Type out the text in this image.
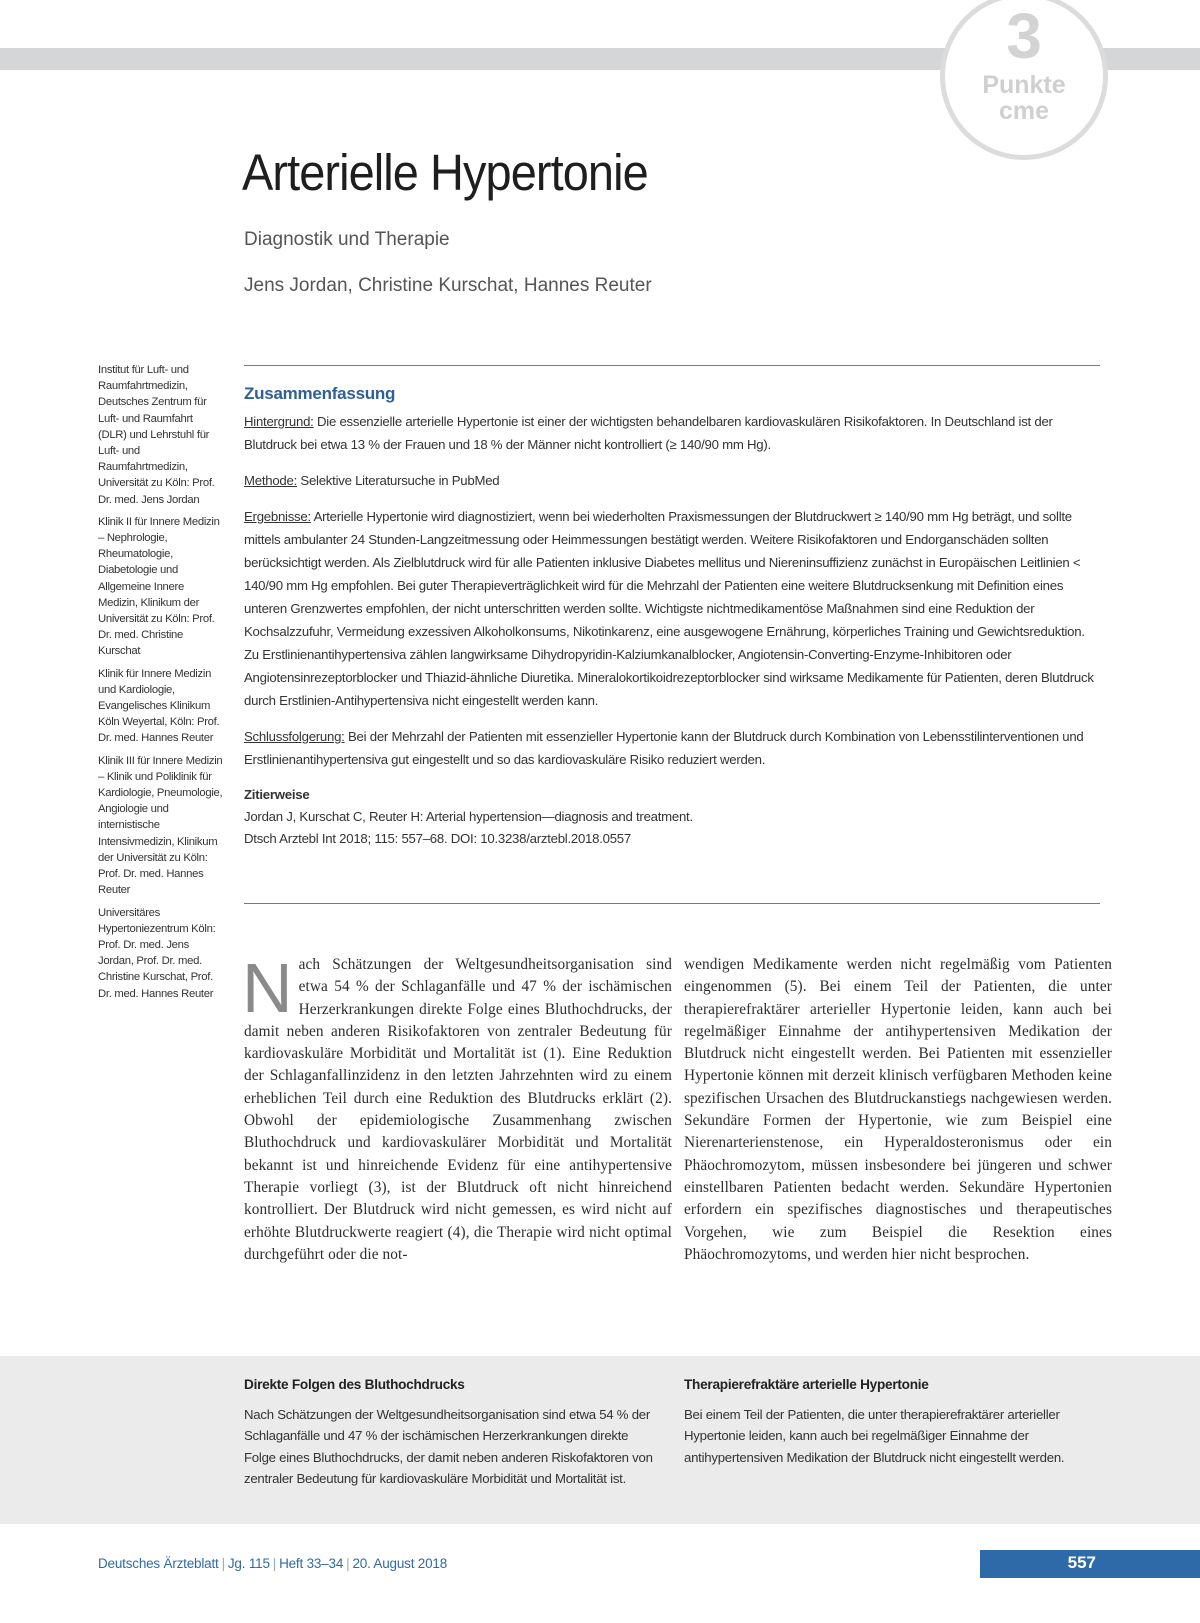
3
Punkte
cme
Arterielle Hypertonie
Diagnostik und Therapie
Jens Jordan, Christine Kurschat, Hannes Reuter

Institut für Luft- und Raumfahrtmedizin, Deutsches Zentrum für Luft- und Raumfahrt (DLR) und Lehrstuhl für Luft- und Raumfahrtmedizin, Universität zu Köln: Prof. Dr. med. Jens Jordan

Klinik II für Innere Medizin – Nephrologie, Rheumatologie, Diabetologie und Allgemeine Innere Medizin, Klinikum der Universität zu Köln: Prof. Dr. med. Christine Kurschat

Klinik für Innere Medizin und Kardiologie, Evangelisches Klinikum Köln Weyertal, Köln: Prof. Dr. med. Hannes Reuter

Klinik III für Innere Medizin – Klinik und Poliklinik für Kardiologie, Pneumologie, Angiologie und internistische Intensivmedizin, Klinikum der Universität zu Köln: Prof. Dr. med. Hannes Reuter

Universitäres Hypertoniezentrum Köln: Prof. Dr. med. Jens Jordan, Prof. Dr. med. Christine Kurschat, Prof. Dr. med. Hannes Reuter

Zusammenfassung

Hintergrund: Die essenzielle arterielle Hypertonie ist einer der wichtigsten behandelbaren kardiovaskulären Risikofaktoren. In Deutschland ist der Blutdruck bei etwa 13 % der Frauen und 18 % der Männer nicht kontrolliert (≥ 140/90 mm Hg).

Methode: Selektive Literatursuche in PubMed

Ergebnisse: Arterielle Hypertonie wird diagnostiziert, wenn bei wiederholten Praxismessungen der Blutdruckwert ≥ 140/90 mm Hg beträgt, und sollte mittels ambulanter 24 Stunden-Langzeitmessung oder Heimmessungen bestätigt werden. Weitere Risikofaktoren und Endorganschäden sollten berücksichtigt werden. Als Zielblutdruck wird für alle Patienten inklusive Diabetes mellitus und Niereninsuffizienz zunächst in Europäischen Leitlinien < 140/90 mm Hg empfohlen. Bei guter Therapieverträglichkeit wird für die Mehrzahl der Patienten eine weitere Blutdrucksenkung mit Definition eines unteren Grenzwertes empfohlen, der nicht unterschritten werden sollte. Wichtigste nichtmedikamentöse Maßnahmen sind eine Reduktion der Kochsalzzufuhr, Vermeidung exzessiven Alkoholkonsums, Nikotinkarenz, eine ausgewogene Ernährung, körperliches Training und Gewichtsreduktion. Zu Erstlinienantihypertensiva zählen langwirksame Dihydropyridin-Kalziumkanalblocker, Angiotensin-Converting-Enzyme-Inhibitoren oder Angiotensinrezeptorblocker und Thiazid-ähnliche Diuretika. Mineralokortikoidrezeptorblocker sind wirksame Medikamente für Patienten, deren Blutdruck durch Erstlinien-Antihypertensiva nicht eingestellt werden kann.

Schlussfolgerung: Bei der Mehrzahl der Patienten mit essenzieller Hypertonie kann der Blutdruck durch Kombination von Lebensstilinterventionen und Erstlinienantihypertensiva gut eingestellt und so das kardiovaskuläre Risiko reduziert werden.

Zitierweise

Jordan J, Kurschat C, Reuter H: Arterial hypertension—diagnosis and treatment.

Dtsch Arztebl Int 2018; 115: 557–68. DOI: 10.3238/arztebl.2018.0557

Nach Schätzungen der Weltgesundheitsorganisation sind etwa 54 % der Schlaganfälle und 47 % der ischämischen Herzerkrankungen direkte Folge eines Bluthochdrucks, der damit neben anderen Risikofaktoren von zentraler Bedeutung für kardiovaskuläre Morbidität und Mortalität ist (1). Eine Reduktion der Schlaganfallinzidenz in den letzten Jahrzehnten wird zu einem erheblichen Teil durch eine Reduktion des Blutdrucks erklärt (2). Obwohl der epidemiologische Zusammenhang zwischen Bluthochdruck und kardiovaskulärer Morbidität und Mortalität bekannt ist und hinreichende Evidenz für eine antihypertensive Therapie vorliegt (3), ist der Blutdruck oft nicht hinreichend kontrolliert. Der Blutdruck wird nicht gemessen, es wird nicht auf erhöhte Blutdruckwerte reagiert (4), die Therapie wird nicht optimal durchgeführt oder die not-
wendigen Medikamente werden nicht regelmäßig vom Patienten eingenommen (5). Bei einem Teil der Patienten, die unter therapierefraktärer arterieller Hypertonie leiden, kann auch bei regelmäßiger Einnahme der antihypertensiven Medikation der Blutdruck nicht eingestellt werden. Bei Patienten mit essenzieller Hypertonie können mit derzeit klinisch verfügbaren Methoden keine spezifischen Ursachen des Blutdruckanstiegs nachgewiesen werden. Sekundäre Formen der Hypertonie, wie zum Beispiel eine Nierenarterienstenose, ein Hyperaldosteronismus oder ein Phäochromozytom, müssen insbesondere bei jüngeren und schwer einstellbaren Patienten bedacht werden. Sekundäre Hypertonien erfordern ein spezifisches diagnostisches und therapeutisches Vorgehen, wie zum Beispiel die Resektion eines Phäochromozytoms, und werden hier nicht besprochen.
Direkte Folgen des Bluthochdrucks
Nach Schätzungen der Weltgesundheitsorganisation sind etwa 54 % der Schlaganfälle und 47 % der ischämischen Herzerkrankungen direkte Folge eines Bluthochdrucks, der damit neben anderen Riskofaktoren von zentraler Bedeutung für kardiovaskuläre Morbidität und Mortalität ist.
Therapierefraktäre arterielle Hypertonie
Bei einem Teil der Patienten, die unter therapierefraktärer arterieller Hypertonie leiden, kann auch bei regelmäßiger Einnahme der antihypertensiven Medikation der Blutdruck nicht eingestellt werden.
Deutsches Ärzteblatt | Jg. 115 | Heft 33–34 | 20. August 2018	557
